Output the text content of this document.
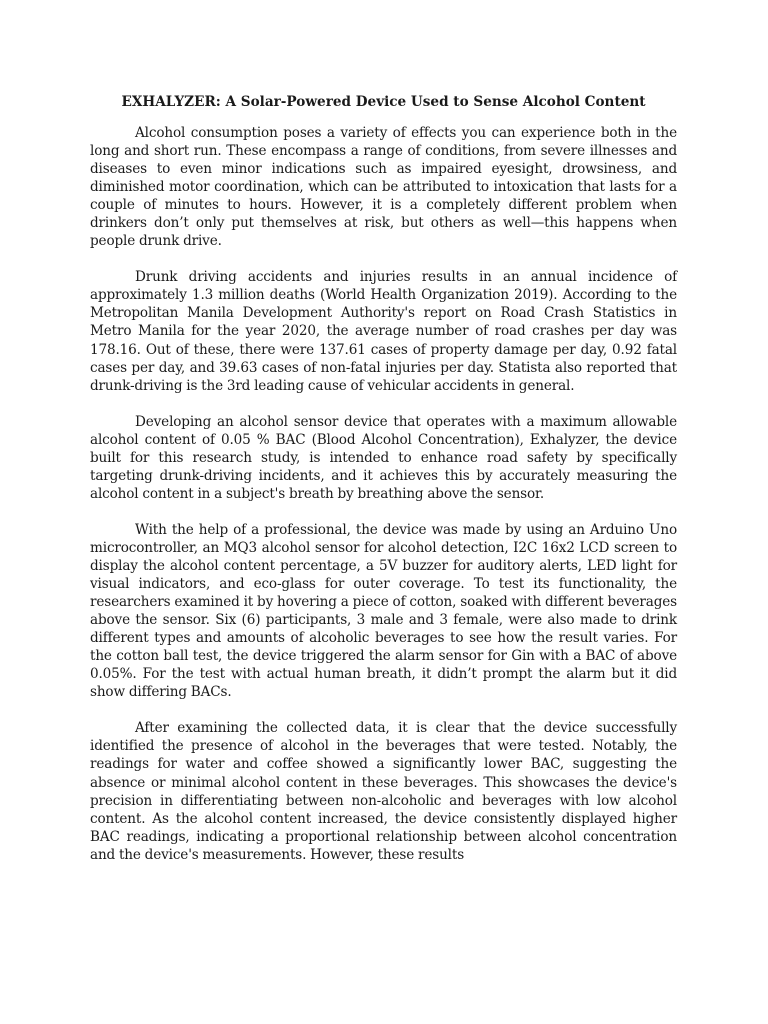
EXHALYZER: A Solar-Powered Device Used to Sense Alcohol Content

Alcohol consumption poses a variety of effects you can experience both in the long and short run. These encompass a range of conditions, from severe illnesses and diseases to even minor indications such as impaired eyesight, drowsiness, and diminished motor coordination, which can be attributed to intoxication that lasts for a couple of minutes to hours. However, it is a completely different problem when drinkers don’t only put themselves at risk, but others as well—this happens when people drunk drive.

Drunk driving accidents and injuries results in an annual incidence of approximately 1.3 million deaths (World Health Organization 2019). According to the Metropolitan Manila Development Authority's report on Road Crash Statistics in Metro Manila for the year 2020, the average number of road crashes per day was 178.16. Out of these, there were 137.61 cases of property damage per day, 0.92 fatal cases per day, and 39.63 cases of non-fatal injuries per day. Statista also reported that drunk-driving is the 3rd leading cause of vehicular accidents in general.

Developing an alcohol sensor device that operates with a maximum allowable alcohol content of 0.05 % BAC (Blood Alcohol Concentration), Exhalyzer, the device built for this research study, is intended to enhance road safety by specifically targeting drunk-driving incidents, and it achieves this by accurately measuring the alcohol content in a subject's breath by breathing above the sensor.

With the help of a professional, the device was made by using an Arduino Uno microcontroller, an MQ3 alcohol sensor for alcohol detection, I2C 16x2 LCD screen to display the alcohol content percentage, a 5V buzzer for auditory alerts, LED light for visual indicators, and eco-glass for outer coverage. To test its functionality, the researchers examined it by hovering a piece of cotton, soaked with different beverages above the sensor. Six (6) participants, 3 male and 3 female, were also made to drink different types and amounts of alcoholic beverages to see how the result varies. For the cotton ball test, the device triggered the alarm sensor for Gin with a BAC of above 0.05%. For the test with actual human breath, it didn’t prompt the alarm but it did show differing BACs.

After examining the collected data, it is clear that the device successfully identified the presence of alcohol in the beverages that were tested. Notably, the readings for water and coffee showed a significantly lower BAC, suggesting the absence or minimal alcohol content in these beverages. This showcases the device's precision in differentiating between non-alcoholic and beverages with low alcohol content. As the alcohol content increased, the device consistently displayed higher BAC readings, indicating a proportional relationship between alcohol concentration and the device's measurements. However, these results
